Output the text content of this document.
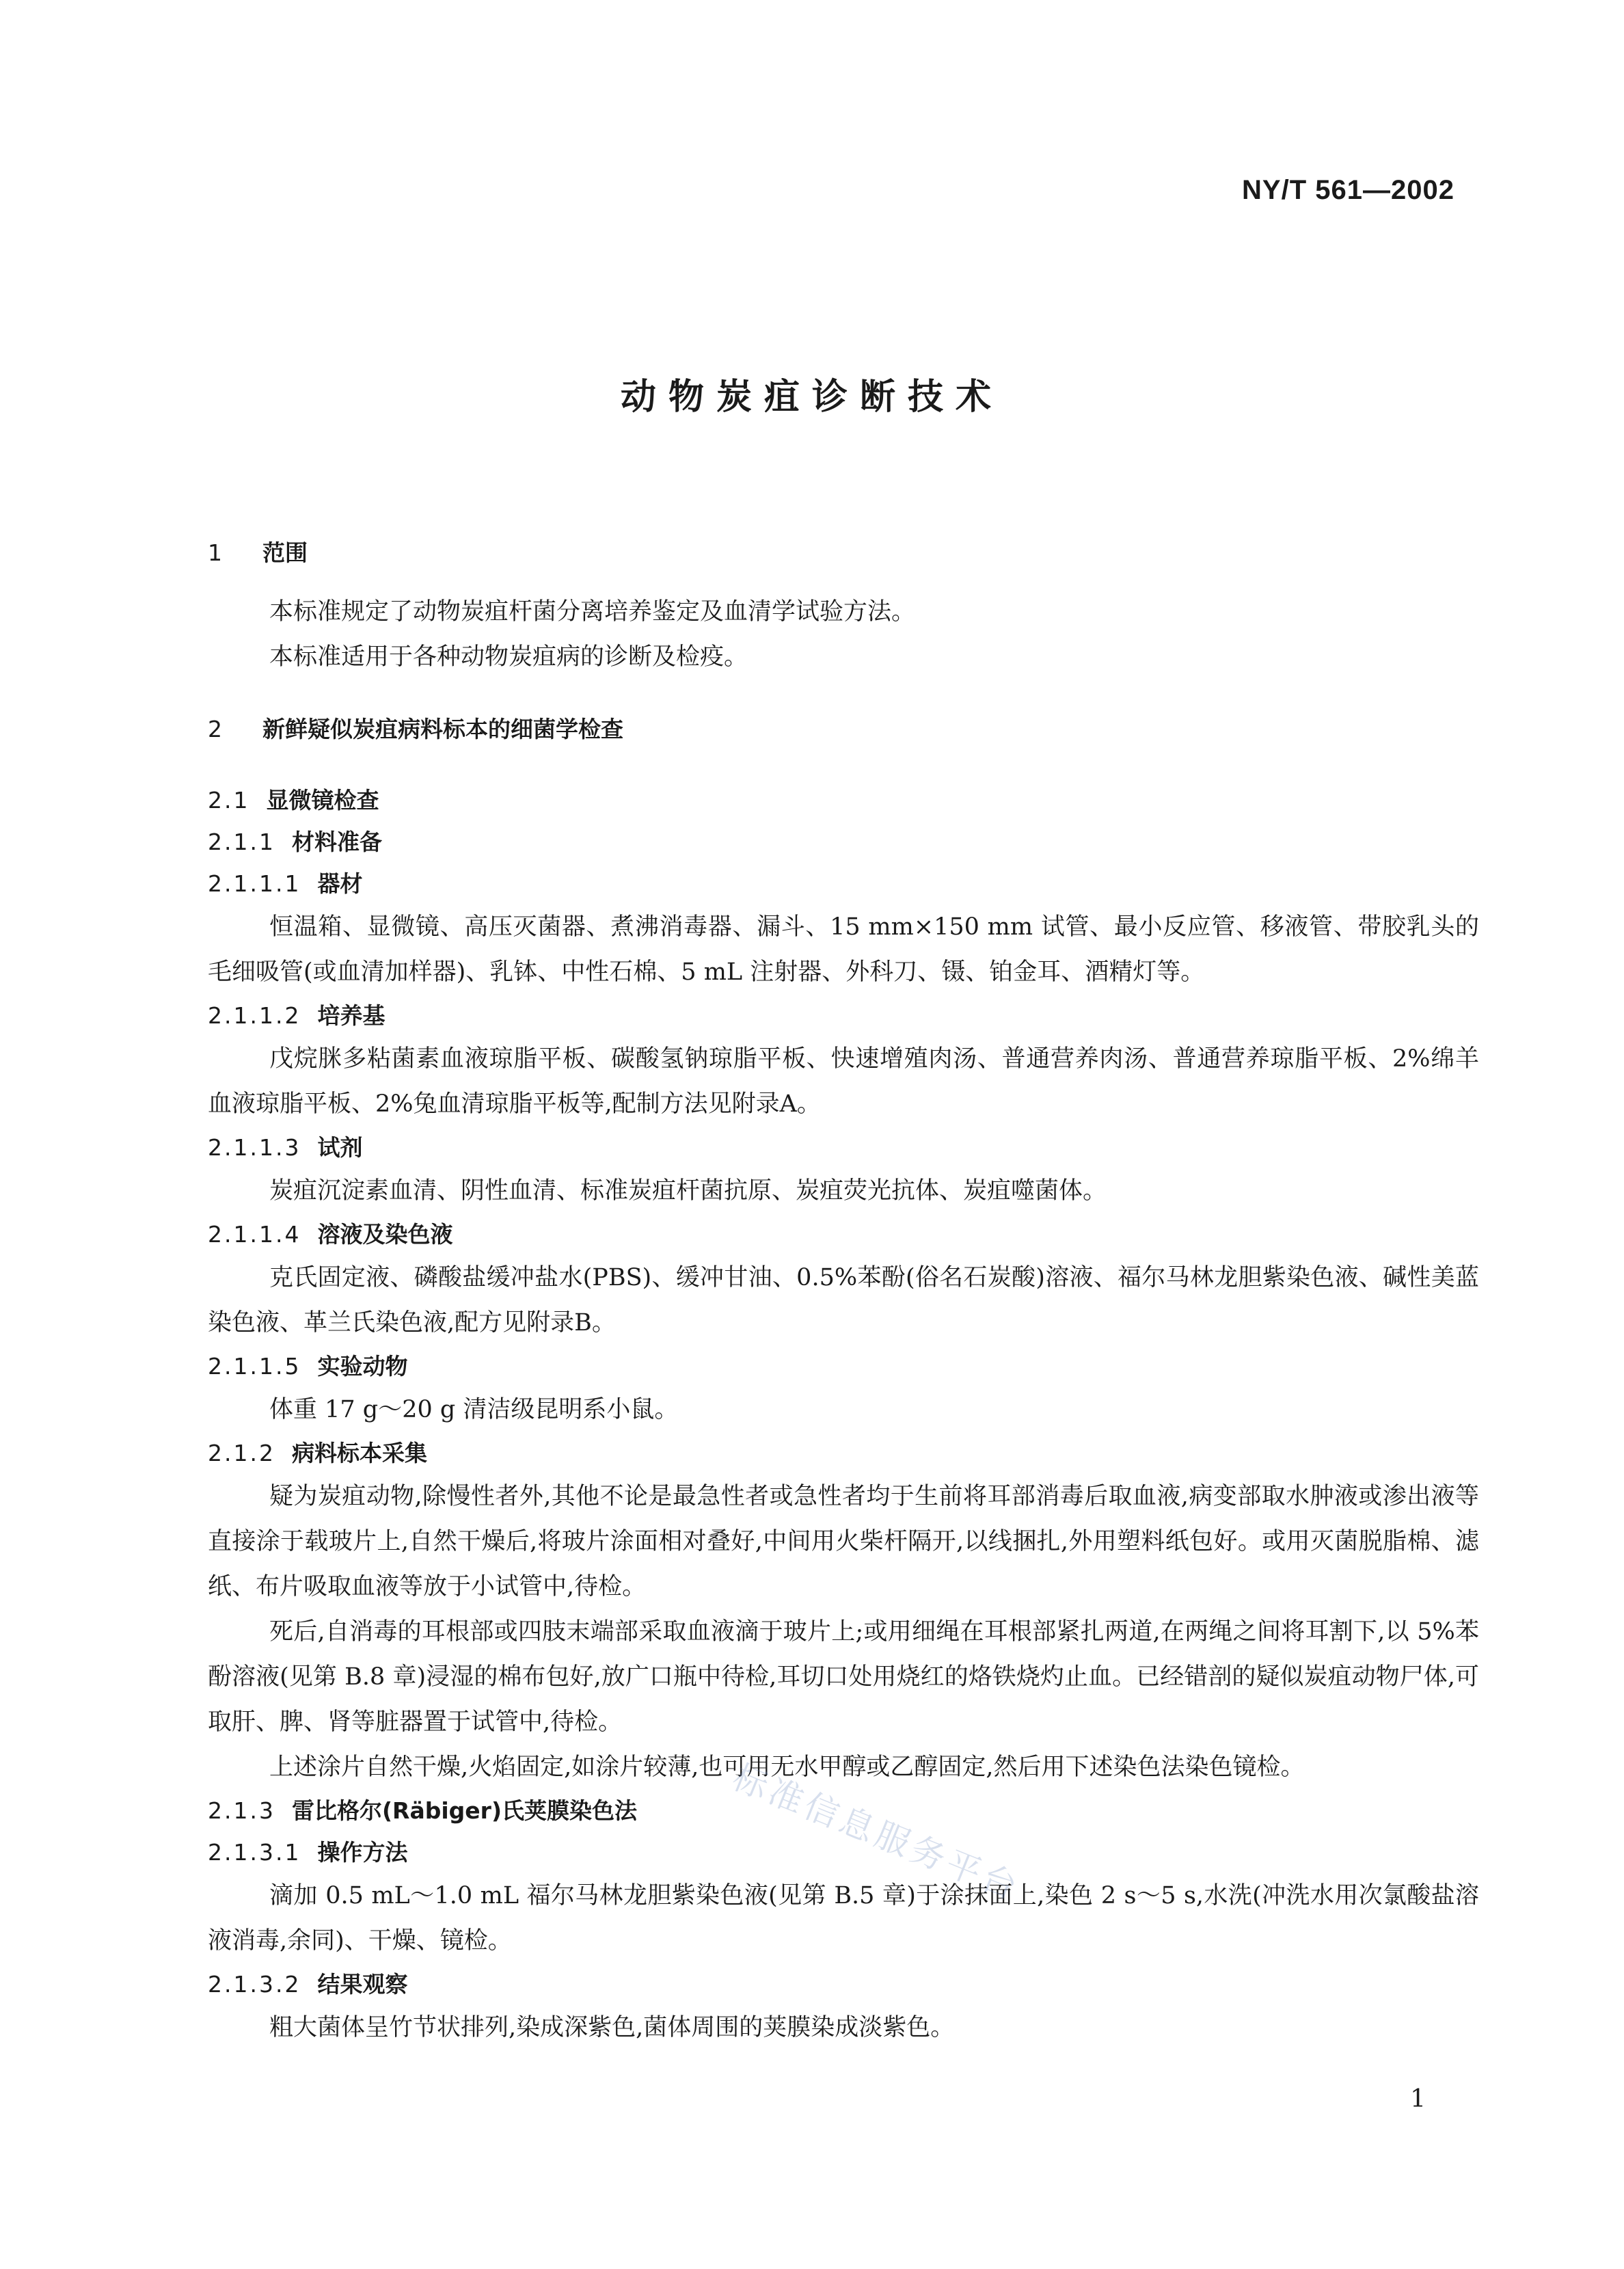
NY/T 561—2002
动物炭疽诊断技术
1 范围

本标准规定了动物炭疽杆菌分离培养鉴定及血清学试验方法。

本标准适用于各种动物炭疽病的诊断及检疫。

2 新鲜疑似炭疽病料标本的细菌学检查
2.1 显微镜检查
2.1.1 材料准备
2.1.1.1 器材

恒温箱、显微镜、高压灭菌器、煮沸消毒器、漏斗、15 mm×150 mm 试管、最小反应管、移液管、带胶乳头的毛细吸管(或血清加样器)、乳钵、中性石棉、5 mL 注射器、外科刀、镊、铂金耳、酒精灯等。

2.1.1.2 培养基

戊烷脒多粘菌素血液琼脂平板、碳酸氢钠琼脂平板、快速增殖肉汤、普通营养肉汤、普通营养琼脂平板、2%绵羊血液琼脂平板、2%兔血清琼脂平板等,配制方法见附录A。

2.1.1.3 试剂

炭疽沉淀素血清、阴性血清、标准炭疽杆菌抗原、炭疽荧光抗体、炭疽噬菌体。

2.1.1.4 溶液及染色液

克氏固定液、磷酸盐缓冲盐水(PBS)、缓冲甘油、0.5%苯酚(俗名石炭酸)溶液、福尔马林龙胆紫染色液、碱性美蓝染色液、革兰氏染色液,配方见附录B。

2.1.1.5 实验动物

体重 17 g～20 g 清洁级昆明系小鼠。

2.1.2 病料标本采集

疑为炭疽动物,除慢性者外,其他不论是最急性者或急性者均于生前将耳部消毒后取血液,病变部取水肿液或渗出液等直接涂于载玻片上,自然干燥后,将玻片涂面相对叠好,中间用火柴杆隔开,以线捆扎,外用塑料纸包好。或用灭菌脱脂棉、滤纸、布片吸取血液等放于小试管中,待检。

死后,自消毒的耳根部或四肢末端部采取血液滴于玻片上;或用细绳在耳根部紧扎两道,在两绳之间将耳割下,以 5%苯酚溶液(见第 B.8 章)浸湿的棉布包好,放广口瓶中待检,耳切口处用烧红的烙铁烧灼止血。已经错剖的疑似炭疽动物尸体,可取肝、脾、肾等脏器置于试管中,待检。

上述涂片自然干燥,火焰固定,如涂片较薄,也可用无水甲醇或乙醇固定,然后用下述染色法染色镜检。

2.1.3 雷比格尔(Räbiger)氏荚膜染色法
2.1.3.1 操作方法

滴加 0.5 mL～1.0 mL 福尔马林龙胆紫染色液(见第 B.5 章)于涂抹面上,染色 2 s～5 s,水洗(冲洗水用次氯酸盐溶液消毒,余同)、干燥、镜检。

2.1.3.2 结果观察

粗大菌体呈竹节状排列,染成深紫色,菌体周围的荚膜染成淡紫色。

标准信息服务平台
1
